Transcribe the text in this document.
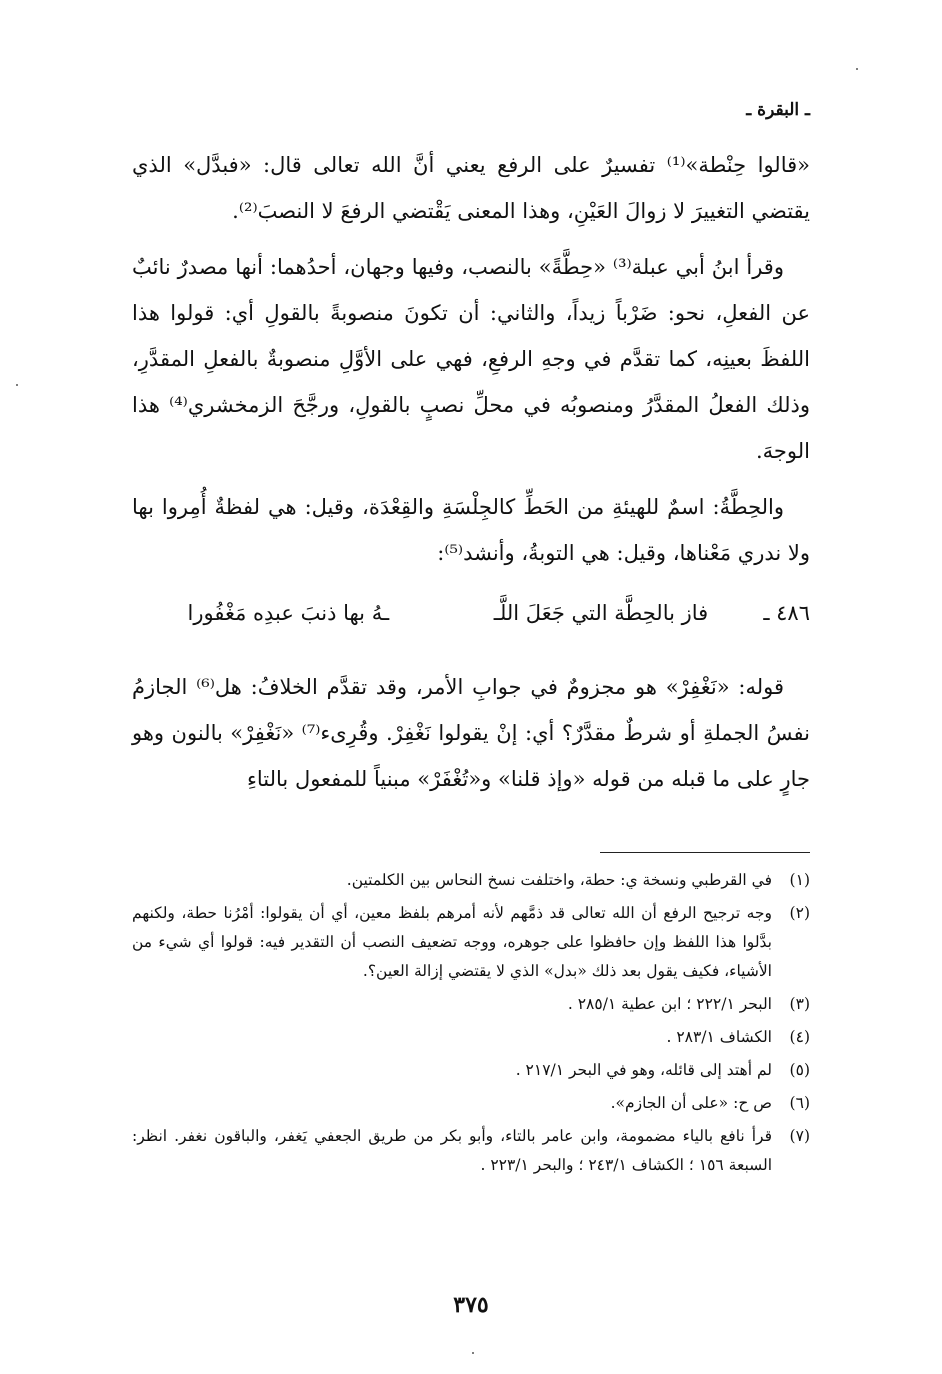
ـ البقرة ـ

«قالوا حِنْطة»⁽¹⁾ تفسيرٌ على الرفع يعني أنَّ الله تعالى قال: «فبدَّل» الذي يقتضي التغييرَ لا زوالَ العَيْنِ، وهذا المعنى يَقْتضي الرفعَ لا النصبَ⁽²⁾.

وقرأ ابنُ أبي عبلة⁽³⁾ «حِطَّةً» بالنصب، وفيها وجهان، أحدُهما: أنها مصدرٌ نائبٌ عن الفعلِ، نحو: ضَرْباً زيداً، والثاني: أن تكونَ منصوبةً بالقولِ أي: قولوا هذا اللفظَ بعينِه، كما تقدَّم في وجهِ الرفعِ، فهي على الأوَّلِ منصوبةٌ بالفعلِ المقدَّرِ، وذلك الفعلُ المقدَّرُ ومنصوبُه في محلِّ نصبٍ بالقولِ، ورجَّحَ الزمخشري⁽⁴⁾ هذا الوجهَ.

والحِطَّةُ: اسمٌ للهيئةِ من الحَطِّ كالجِلْسَةِ والقِعْدَة، وقيل: هي لفظةٌ أُمِروا بها ولا ندري مَعْناها، وقيل: هي التوبةُ، وأنشد⁽⁵⁾:

٤٨٦ ـ
فاز بالحِطَّة التي جَعَلَ اللَّـ
ـهُ بها ذنبَ عبدِه مَغْفُورا

قوله: «نَغْفِرْ» هو مجزومٌ في جوابِ الأمر، وقد تقدَّم الخلافُ: هل⁽⁶⁾ الجازمُ نفسُ الجملةِ أو شرطٌ مقدَّرٌ؟ أي: إنْ يقولوا نَغْفِرْ. وقُرِىء⁽⁷⁾ «نَغْفِرْ» بالنون وهو جارٍ على ما قبله من قوله «وإذ قلنا» و«تُغْفَرْ» مبنياً للمفعول بالتاءِ

(١)
في القرطبي ونسخة ي: حطة، واختلفت نسخ النحاس بين الكلمتين.
(٢)
وجه ترجيح الرفع أن الله تعالى قد ذمَّهم لأنه أمرهم بلفظ معين، أي أن يقولوا: أمْرُنا حطة، ولكنهم بدَّلوا هذا اللفظ وإن حافظوا على جوهره، ووجه تضعيف النصب أن التقدير فيه: قولوا أي شيء من الأشياء، فكيف يقول بعد ذلك «بدل» الذي لا يقتضي إزالة العين؟.
(٣)
البحر ٢٢٢/١ ؛ ابن عطية ٢٨٥/١ .
(٤)
الكشاف ٢٨٣/١ .
(٥)
لم أهتد إلى قائله، وهو في البحر ٢١٧/١ .
(٦)
ص ح: «على أن الجازم».
(٧)
قرأ نافع بالياء مضمومة، وابن عامر بالتاء، وأبو بكر من طريق الجعفي يَغفر، والباقون نغفر. انظر: السبعة ١٥٦ ؛ الكشاف ٢٤٣/١ ؛ والبحر ٢٢٣/١ .
٣٧٥
